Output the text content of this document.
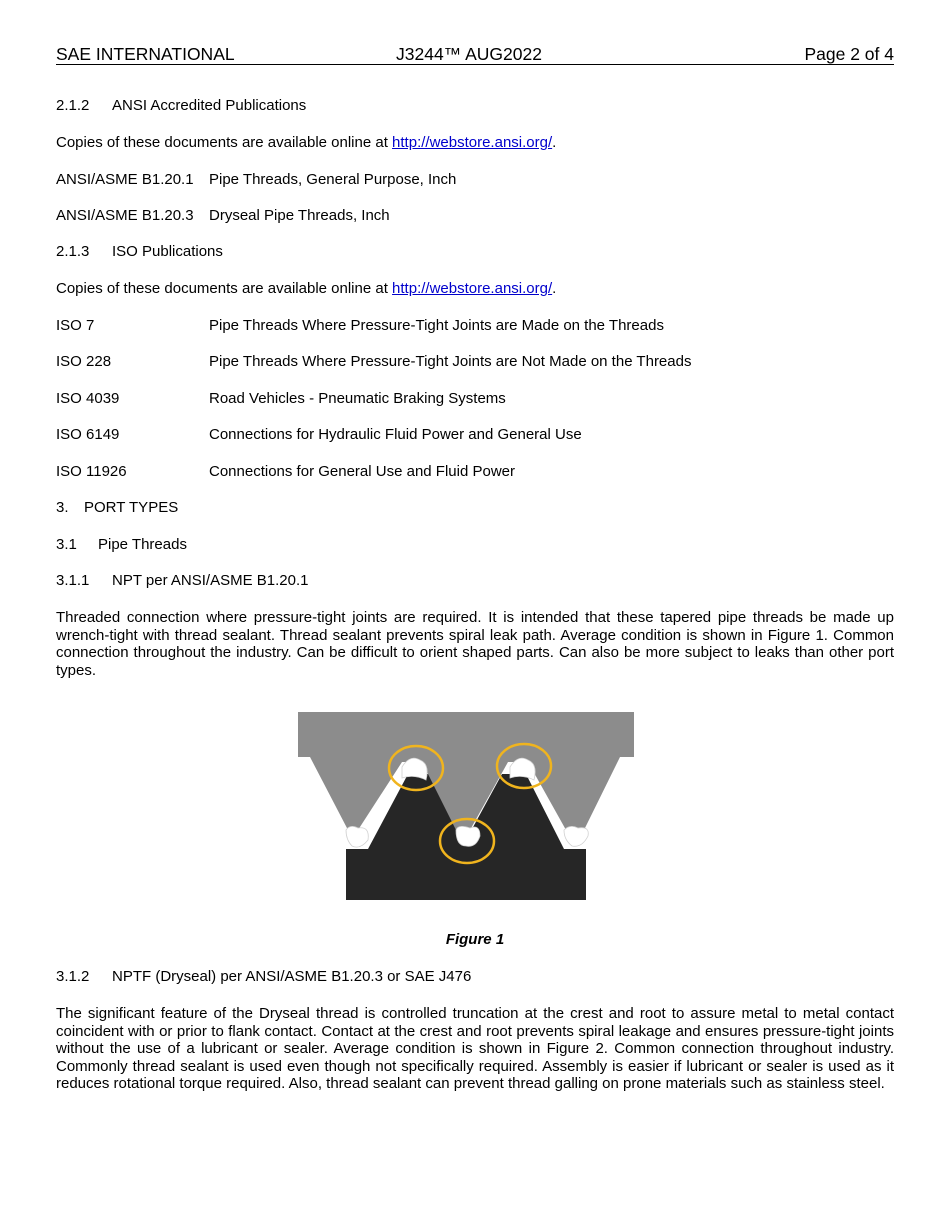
SAE INTERNATIONAL	J3244™ AUG2022	Page 2 of 4
2.1.2 ANSI Accredited Publications
Copies of these documents are available online at http://webstore.ansi.org/.
ANSI/ASME B1.20.1 Pipe Threads, General Purpose, Inch
ANSI/ASME B1.20.3 Dryseal Pipe Threads, Inch
2.1.3 ISO Publications
Copies of these documents are available online at http://webstore.ansi.org/.
ISO 7	Pipe Threads Where Pressure-Tight Joints are Made on the Threads
ISO 228	Pipe Threads Where Pressure-Tight Joints are Not Made on the Threads
ISO 4039	Road Vehicles - Pneumatic Braking Systems
ISO 6149	Connections for Hydraulic Fluid Power and General Use
ISO 11926	Connections for General Use and Fluid Power
3. PORT TYPES
3.1 Pipe Threads
3.1.1 NPT per ANSI/ASME B1.20.1
Threaded connection where pressure-tight joints are required. It is intended that these tapered pipe threads be made up wrench-tight with thread sealant. Thread sealant prevents spiral leak path. Average condition is shown in Figure 1. Common connection throughout the industry. Can be difficult to orient shaped parts. Can also be more subject to leaks than other port types.
Figure 1
3.1.2 NPTF (Dryseal) per ANSI/ASME B1.20.3 or SAE J476
The significant feature of the Dryseal thread is controlled truncation at the crest and root to assure metal to metal contact coincident with or prior to flank contact. Contact at the crest and root prevents spiral leakage and ensures pressure-tight joints without the use of a lubricant or sealer. Average condition is shown in Figure 2. Common connection throughout industry. Commonly thread sealant is used even though not specifically required. Assembly is easier if lubricant or sealer is used as it reduces rotational torque required. Also, thread sealant can prevent thread galling on prone materials such as stainless steel.
